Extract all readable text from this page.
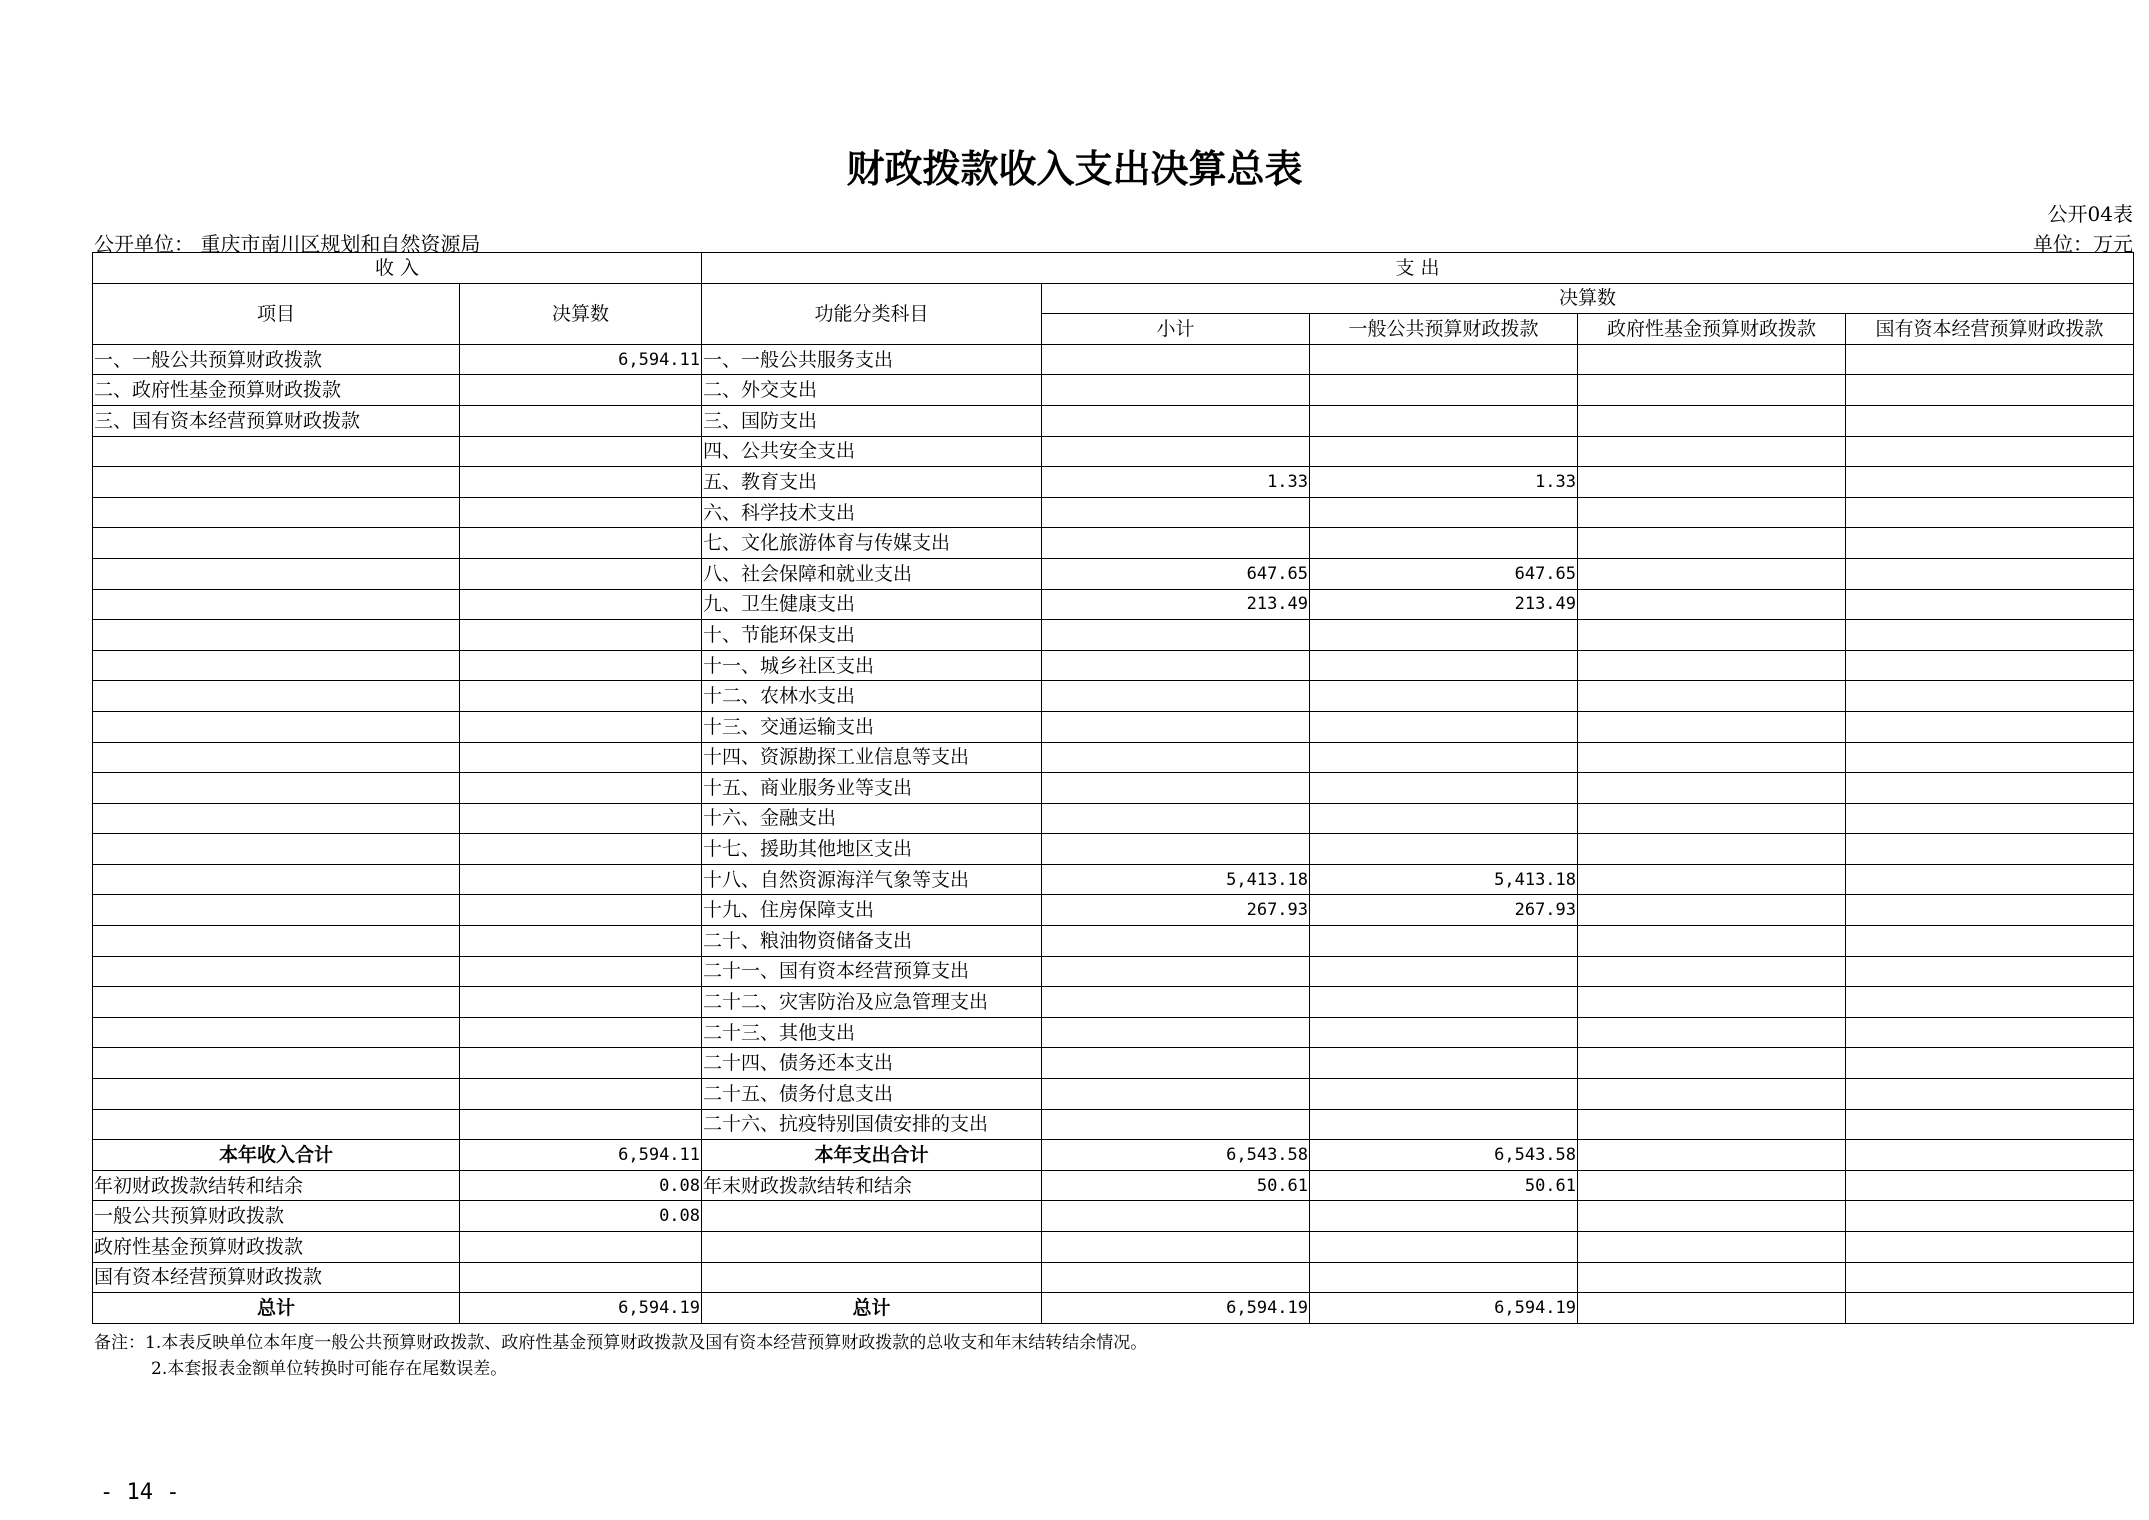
财政拨款收入支出决算总表
公开04表
公开单位： 重庆市南川区规划和自然资源局	单位：万元
收 入		支 出				
项目	决算数	功能分类科目	决算数			
			小计	一般公共预算财政拨款	政府性基金预算财政拨款	国有资本经营预算财政拨款
一、一般公共预算财政拨款	6,594.11	一、一般公共服务支出				
二、政府性基金预算财政拨款		二、外交支出				
三、国有资本经营预算财政拨款		三、国防支出				
		四、公共安全支出				
		五、教育支出	1.33	1.33		
		六、科学技术支出				
		七、文化旅游体育与传媒支出				
		八、社会保障和就业支出	647.65	647.65		
		九、卫生健康支出	213.49	213.49		
		十、节能环保支出				
		十一、城乡社区支出				
		十二、农林水支出				
		十三、交通运输支出				
		十四、资源勘探工业信息等支出				
		十五、商业服务业等支出				
		十六、金融支出				
		十七、援助其他地区支出				
		十八、自然资源海洋气象等支出	5,413.18	5,413.18		
		十九、住房保障支出	267.93	267.93		
		二十、粮油物资储备支出				
		二十一、国有资本经营预算支出				
		二十二、灾害防治及应急管理支出				
		二十三、其他支出				
		二十四、债务还本支出				
		二十五、债务付息支出				
		二十六、抗疫特别国债安排的支出				
本年收入合计	6,594.11	本年支出合计	6,543.58	6,543.58		
年初财政拨款结转和结余	0.08	年末财政拨款结转和结余	50.61	50.61		
一般公共预算财政拨款	0.08					
政府性基金预算财政拨款						
国有资本经营预算财政拨款						
总计	6,594.19	总计	6,594.19	6,594.19		
备注：1.本表反映单位本年度一般公共预算财政拨款、政府性基金预算财政拨款及国有资本经营预算财政拨款的总收支和年末结转结余情况。
2.本套报表金额单位转换时可能存在尾数误差。
- 14 -
